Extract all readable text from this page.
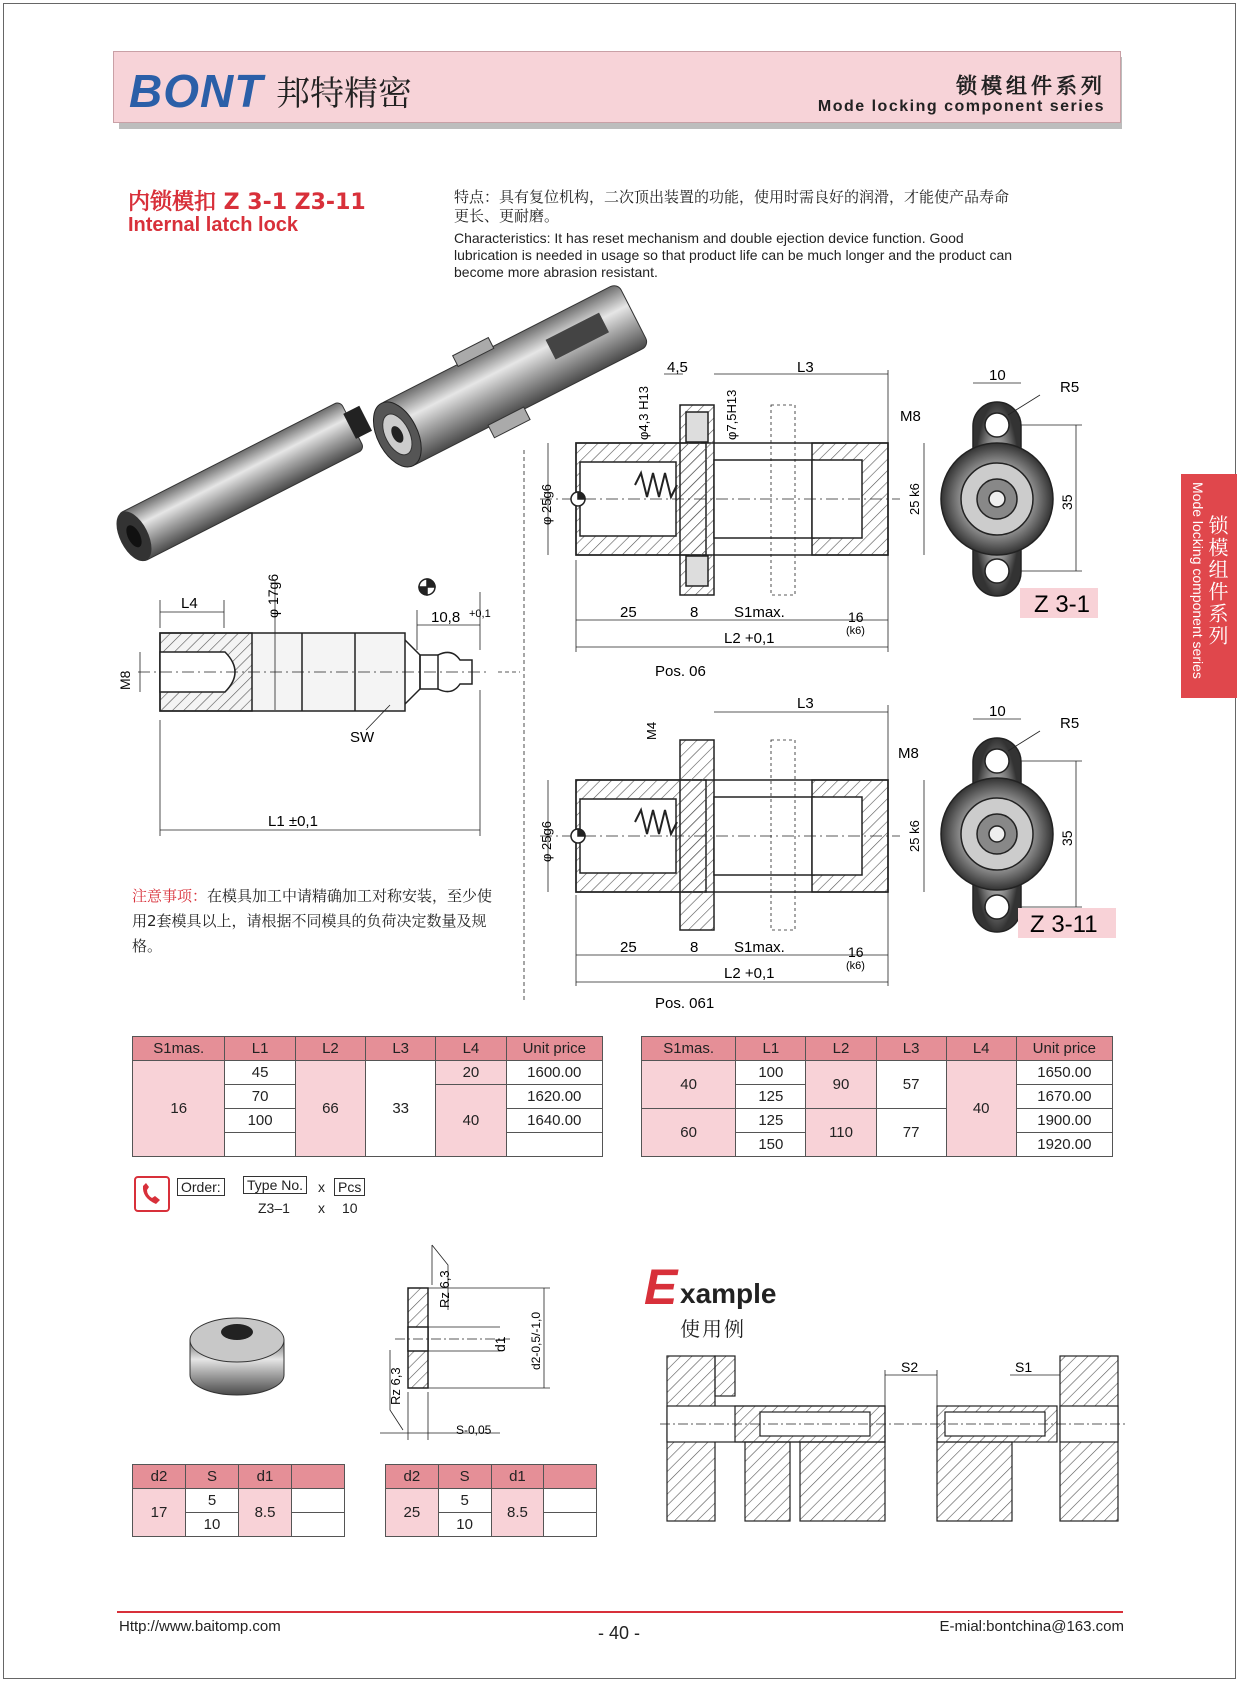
BONT 邦特精密	锁模组件系列
Mode locking component series
Mode locking component series 锁模组件系列
内锁模扣 Z 3-1 Z3-11
Internal latch lock
特点：具有复位机构，二次顶出装置的功能，使用时需良好的润滑，才能使产品寿命更长、更耐磨。
Characteristics: It has reset mechanism and double ejection device function. Good lubrication is needed in usage so that product life can be much longer and the product can become more abrasion resistant.
L4	φ 17g6
M8
10,8 +0,1
SW
L1 ±0,1
4,5	L3
φ4,3 H13	φ7,5H13	M8
φ 25g6	25 k6
25	8 S1max.	16
(k6)
L2 +0,1
Pos. 06
10
R5
35
Z 3-1
L3
M4
M8
φ 25g6	25 k6
25	8 S1max.	16
(k6)
L2 +0,1
Pos. 061
10
R5
35
Z 3-11
Rz 6,3
Rz 6,3
d1 d2-0,5/-1,0
S-0,05
S2	S1
注意事项：在模具加工中请精确加工对称安装，至少使用2套模具以上，请根据不同模具的负荷决定数量及规格。
S1mas.	L1	L2	L3	L4	Unit price
16	45	66	33	20	1600.00
	70			40	1620.00
	100				1640.00

S1mas.	L1	L2	L3	L4	Unit price
40	100	90	57	40	1650.00
	125				1670.00
60	125	110	77		1900.00
	150				1920.00
Order: Type No. x Pcs
Z3–1 x 10
d2	S	d1	
17	5	8.5	
	10		
d2	S	d1	
25	5	8.5	
	10		
E xample
使用例
Http://www.baitomp.com	- 40 -	E-mial:bontchina@163.com
